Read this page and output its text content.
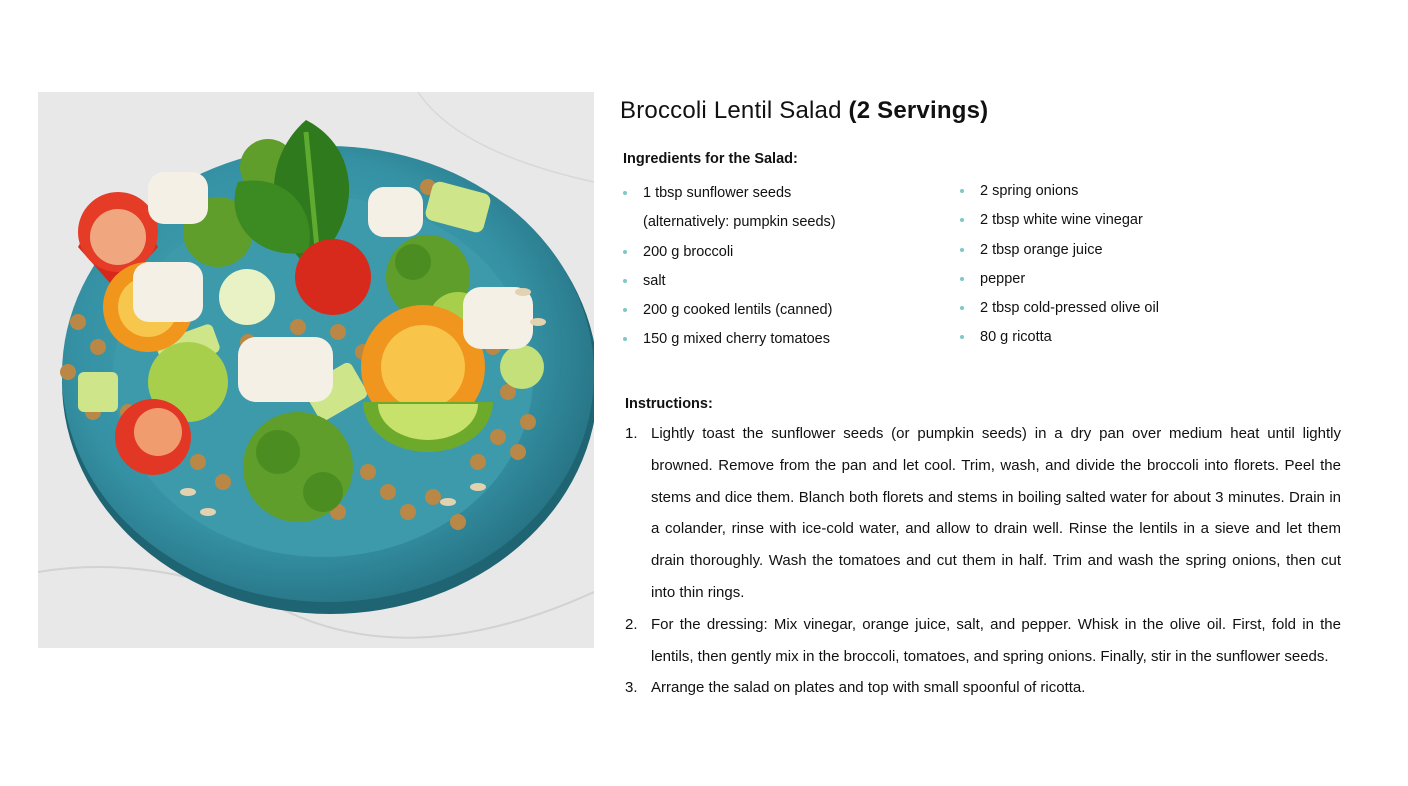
Broccoli Lentil Salad (2 Servings)
Ingredients for the Salad:
1 tbsp sunflower seeds
(alternatively: pumpkin seeds)
200 g broccoli
salt
200 g cooked lentils (canned)
150 g mixed cherry tomatoes
2 spring onions
2 tbsp white wine vinegar
2 tbsp orange juice
pepper
2 tbsp cold-pressed olive oil
80 g ricotta
Instructions:
1. Lightly toast the sunflower seeds (or pumpkin seeds) in a dry pan over medium heat until lightly browned. Remove from the pan and let cool. Trim, wash, and divide the broccoli into florets. Peel the stems and dice them. Blanch both florets and stems in boiling salted water for about 3 minutes. Drain in a colander, rinse with ice-cold water, and allow to drain well. Rinse the lentils in a sieve and let them drain thoroughly. Wash the tomatoes and cut them in half. Trim and wash the spring onions, then cut into thin rings.
2. For the dressing: Mix vinegar, orange juice, salt, and pepper. Whisk in the olive oil. First, fold in the lentils, then gently mix in the broccoli, tomatoes, and spring onions. Finally, stir in the sunflower seeds.
3. Arrange the salad on plates and top with small spoonful of ricotta.
